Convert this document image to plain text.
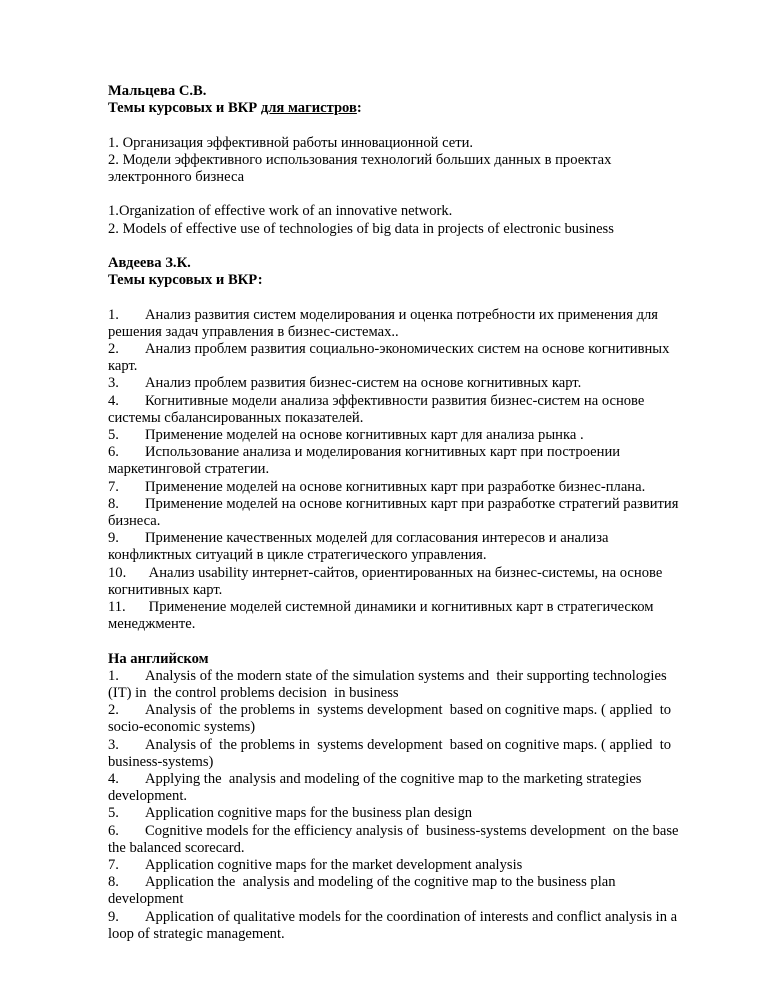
Мальцева С.В.
Темы курсовых и ВКР для магистров:
1. Организация эффективной работы инновационной сети.
2. Модели эффективного использования технологий больших данных в проектах
электронного бизнеса
1.Organization of effective work of an innovative network.
2. Models of effective use of technologies of big data in projects of electronic business
Авдеева З.К.
Темы курсовых и ВКР:
1. Анализ развития систем моделирования и оценка потребности их применения для
решения задач управления в бизнес-системах..
2. Анализ проблем развития социально-экономических систем на основе когнитивных
карт.
3. Анализ проблем развития бизнес-систем на основе когнитивных карт.
4. Когнитивные модели анализа эффективности развития бизнес-систем на основе
системы сбалансированных показателей.
5. Применение моделей на основе когнитивных карт для анализа рынка .
6. Использование анализа и моделирования когнитивных карт при построении
маркетинговой стратегии.
7. Применение моделей на основе когнитивных карт при разработке бизнес-плана.
8. Применение моделей на основе когнитивных карт при разработке стратегий развития
бизнеса.
9. Применение качественных моделей для согласования интересов и анализа
конфликтных ситуаций в цикле стратегического управления.
10. Анализ usability интернет-сайтов, ориентированных на бизнес-системы, на основе
когнитивных карт.
11. Применение моделей системной динамики и когнитивных карт в стратегическом
менеджменте.
На английском
1. Analysis of the modern state of the simulation systems and  their supporting technologies
(IT) in  the control problems decision  in business
2. Analysis of  the problems in  systems development  based on cognitive maps. ( applied  to
socio-economic systems)
3. Analysis of  the problems in  systems development  based on cognitive maps. ( applied  to
business-systems)
4. Applying the  analysis and modeling of the cognitive map to the marketing strategies
development.
5. Application cognitive maps for the business plan design
6. Cognitive models for the efficiency analysis of  business-systems development  on the base
the balanced scorecard.
7. Application cognitive maps for the market development analysis
8. Application the  analysis and modeling of the cognitive map to the business plan
development
9. Application of qualitative models for the coordination of interests and conflict analysis in a
loop of strategic management.
